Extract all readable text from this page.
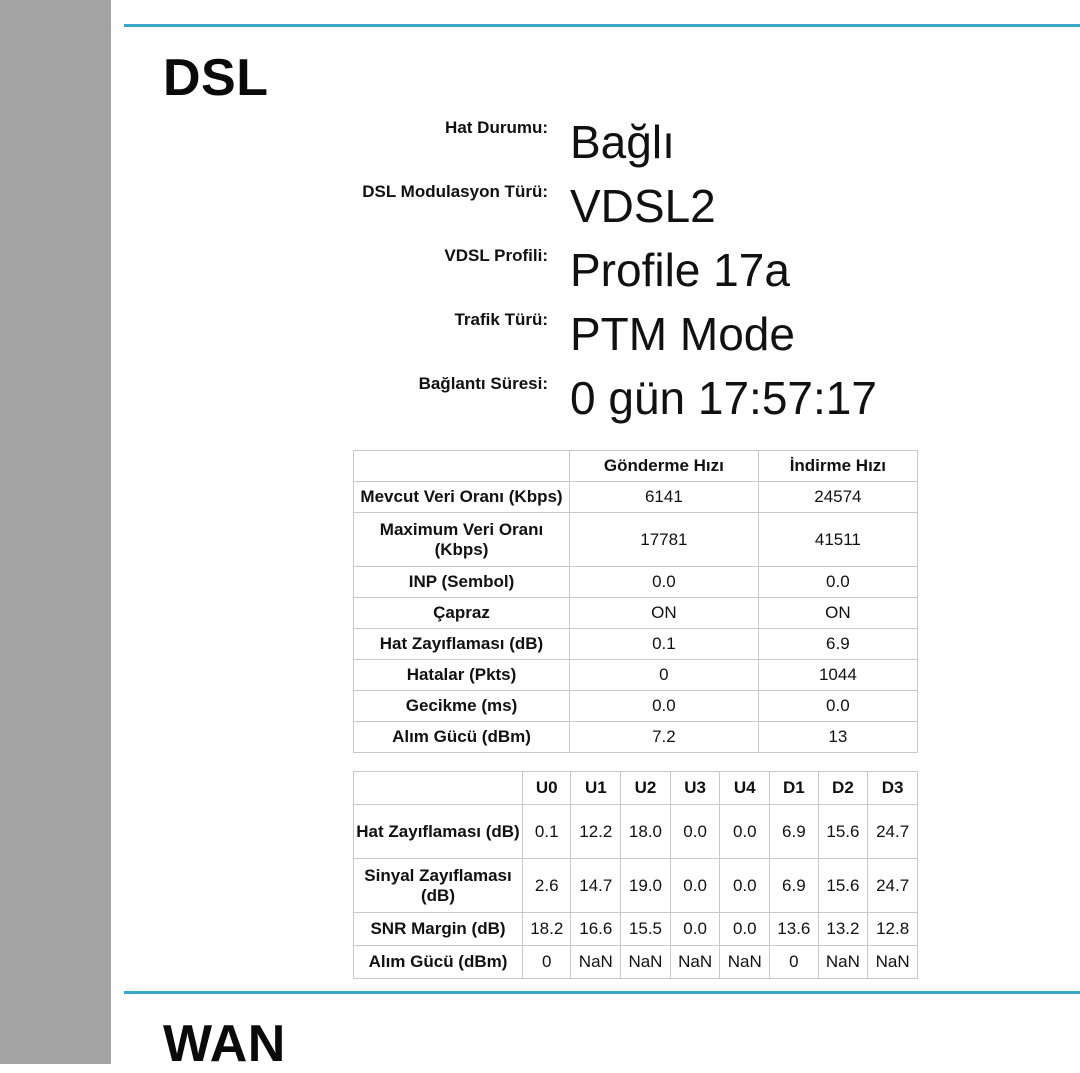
DSL
Hat Durumu: Bağlı
DSL Modulasyon Türü: VDSL2
VDSL Profili: Profile 17a
Trafik Türü: PTM Mode
Bağlantı Süresi: 0 gün 17:57:17
	Gönderme Hızı	İndirme Hızı
Mevcut Veri Oranı (Kbps)	6141	24574
Maximum Veri Oranı (Kbps)	17781	41511
INP (Sembol)	0.0	0.0
Çapraz	ON	ON
Hat Zayıflaması (dB)	0.1	6.9
Hatalar (Pkts)	0	1044
Gecikme (ms)	0.0	0.0
Alım Gücü (dBm)	7.2	13
	U0	U1	U2	U3	U4	D1	D2	D3
Hat Zayıflaması (dB)	0.1	12.2	18.0	0.0	0.0	6.9	15.6	24.7
Sinyal Zayıflaması (dB)	2.6	14.7	19.0	0.0	0.0	6.9	15.6	24.7
SNR Margin (dB)	18.2	16.6	15.5	0.0	0.0	13.6	13.2	12.8
Alım Gücü (dBm)	0	NaN	NaN	NaN	NaN	0	NaN	NaN
WAN
